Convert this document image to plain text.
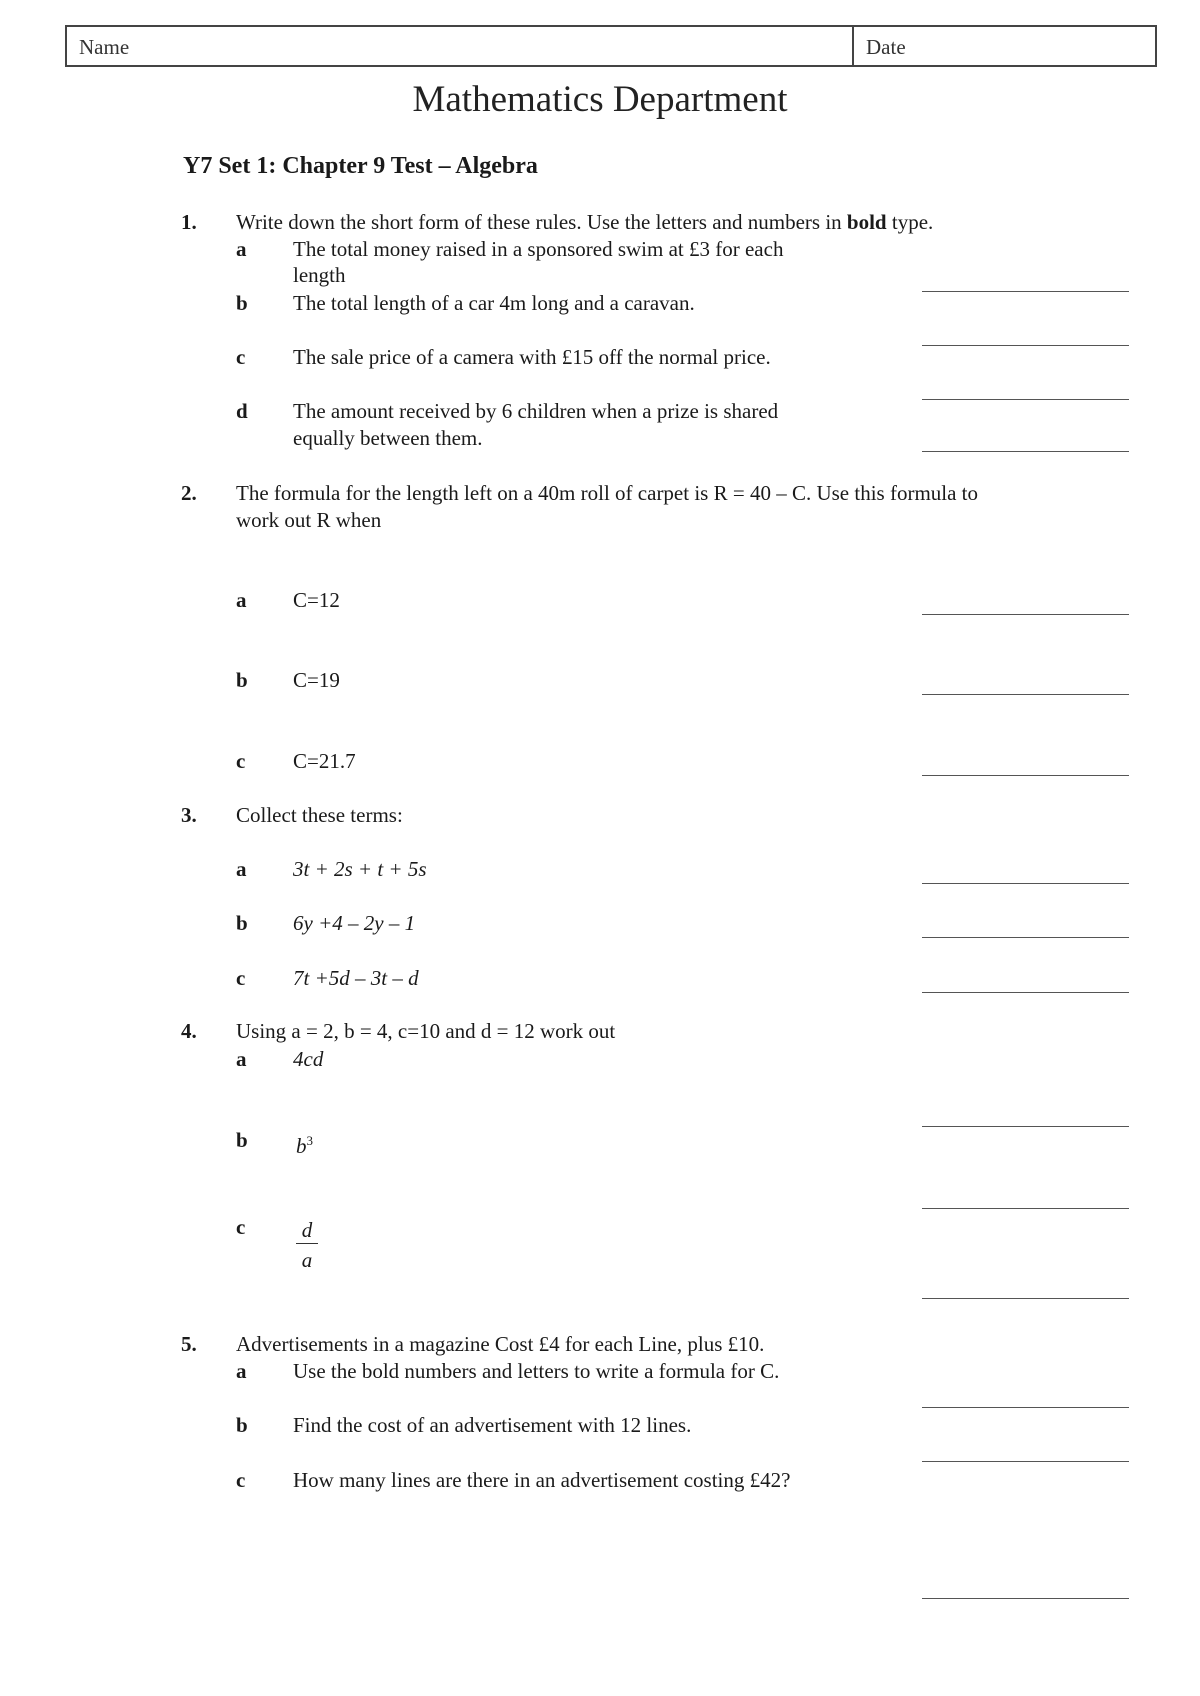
Name	Date
Mathematics Department
Y7 Set 1: Chapter 9 Test – Algebra
1. Write down the short form of these rules. Use the letters and numbers in bold type.
a	The total money raised in a sponsored swim at £3 for each
length
b	The total length of a car 4m long and a caravan.
c	The sale price of a camera with £15 off the normal price.
d	The amount received by 6 children when a prize is shared
equally between them.
2. The formula for the length left on a 40m roll of carpet is R = 40 – C. Use this formula to
work out R when
a	C=12
b	C=19
c	C=21.7
3. Collect these terms:
a	3t + 2s + t + 5s
b	6y +4 – 2y – 1
c	7t +5d – 3t – d
4. Using a = 2, b = 4, c=10 and d = 12 work out
a	4cd
b	$b^3$
c	d
a
5. Advertisements in a magazine Cost £4 for each Line, plus £10.
a	Use the bold numbers and letters to write a formula for C.
b	Find the cost of an advertisement with 12 lines.
c	How many lines are there in an advertisement costing £42?
